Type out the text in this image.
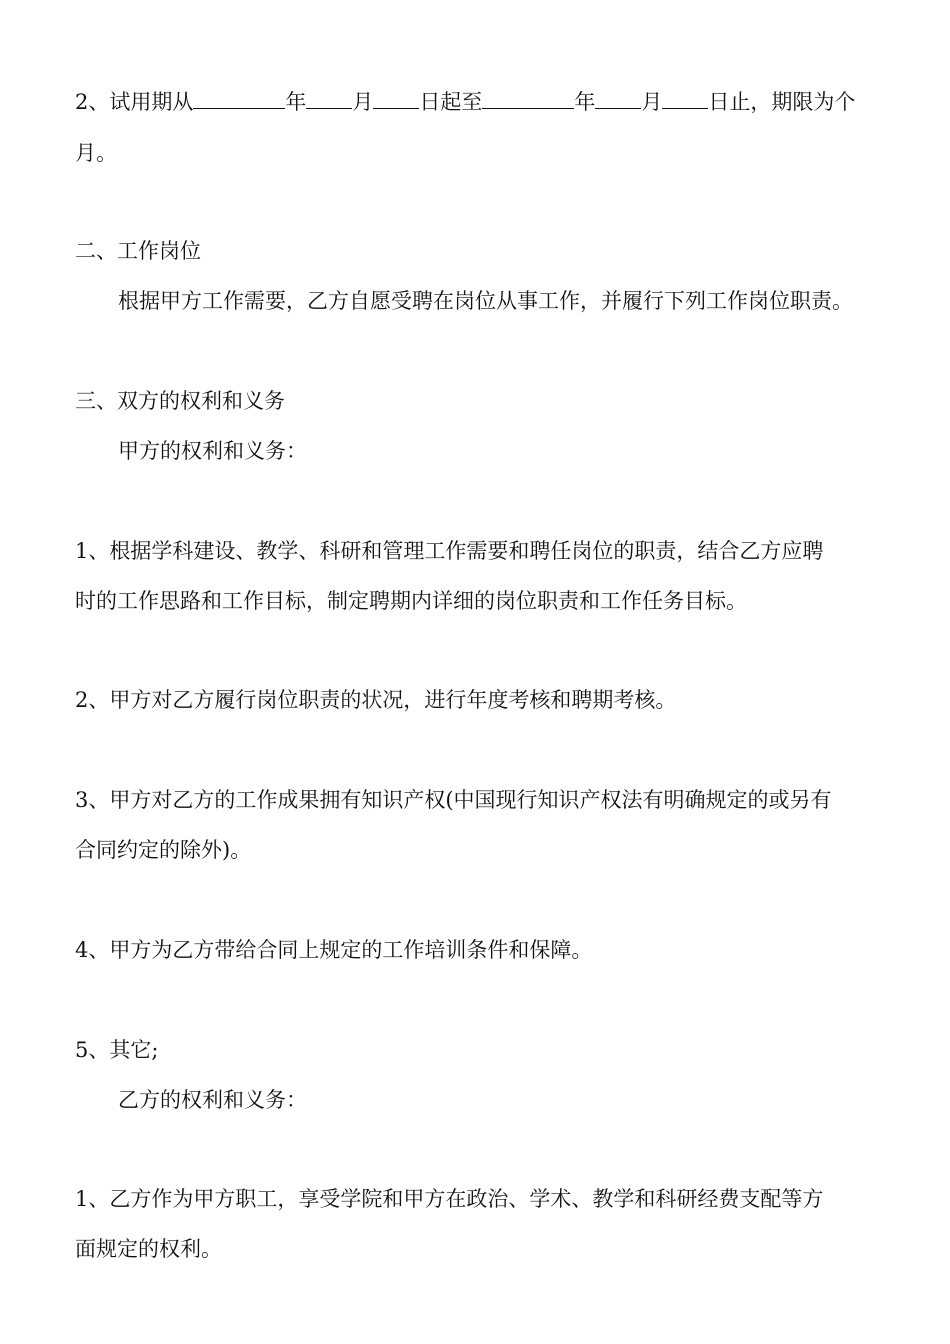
2、试用期从	年 月 日起至	年 月 日止，期限为个
月。
二、工作岗位
根据甲方工作需要，乙方自愿受聘在岗位从事工作，并履行下列工作岗位职责。
三、双方的权利和义务
甲方的权利和义务：
1、根据学科建设、教学、科研和管理工作需要和聘任岗位的职责，结合乙方应聘
时的工作思路和工作目标，制定聘期内详细的岗位职责和工作任务目标。
2、甲方对乙方履行岗位职责的状况，进行年度考核和聘期考核。
3、甲方对乙方的工作成果拥有知识产权(中国现行知识产权法有明确规定的或另有
合同约定的除外)。
4、甲方为乙方带给合同上规定的工作培训条件和保障。
5、其它;
乙方的权利和义务：
1、乙方作为甲方职工，享受学院和甲方在政治、学术、教学和科研经费支配等方
面规定的权利。
